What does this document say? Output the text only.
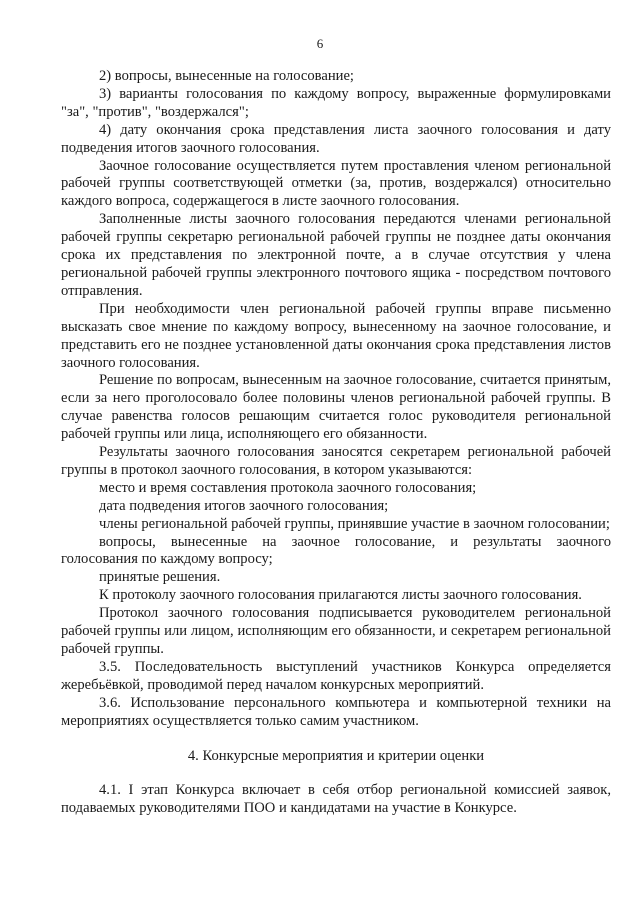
6

2) вопросы, вынесенные на голосование;

3) варианты голосования по каждому вопросу, выраженные формулировками "за", "против", "воздержался";

4) дату окончания срока представления листа заочного голосования и дату подведения итогов заочного голосования.

Заочное голосование осуществляется путем проставления членом региональной рабочей группы соответствующей отметки (за, против, воздержался) относительно каждого вопроса, содержащегося в листе заочного голосования.

Заполненные листы заочного голосования передаются членами региональной рабочей группы секретарю региональной рабочей группы не позднее даты окончания срока их представления по электронной почте, а в случае отсутствия у члена региональной рабочей группы электронного почтового ящика - посредством почтового отправления.

При необходимости член региональной рабочей группы вправе письменно высказать свое мнение по каждому вопросу, вынесенному на заочное голосование, и представить его не позднее установленной даты окончания срока представления листов заочного голосования.

Решение по вопросам, вынесенным на заочное голосование, считается принятым, если за него проголосовало более половины членов региональной рабочей группы. В случае равенства голосов решающим считается голос руководителя региональной рабочей группы или лица, исполняющего его обязанности.

Результаты заочного голосования заносятся секретарем региональной рабочей группы в протокол заочного голосования, в котором указываются:

место и время составления протокола заочного голосования;

дата подведения итогов заочного голосования;

члены региональной рабочей группы, принявшие участие в заочном голосовании;

вопросы, вынесенные на заочное голосование, и результаты заочного голосования по каждому вопросу;

принятые решения.

К протоколу заочного голосования прилагаются листы заочного голосования.

Протокол заочного голосования подписывается руководителем региональной рабочей группы или лицом, исполняющим его обязанности, и секретарем региональной рабочей группы.

3.5. Последовательность выступлений участников Конкурса определяется жеребьёвкой, проводимой перед началом конкурсных мероприятий.

3.6. Использование персонального компьютера и компьютерной техники на мероприятиях осуществляется только самим участником.

4. Конкурсные мероприятия и критерии оценки

4.1. I этап Конкурса включает в себя отбор региональной комиссией заявок, подаваемых руководителями ПОО и кандидатами на участие в Конкурсе.
